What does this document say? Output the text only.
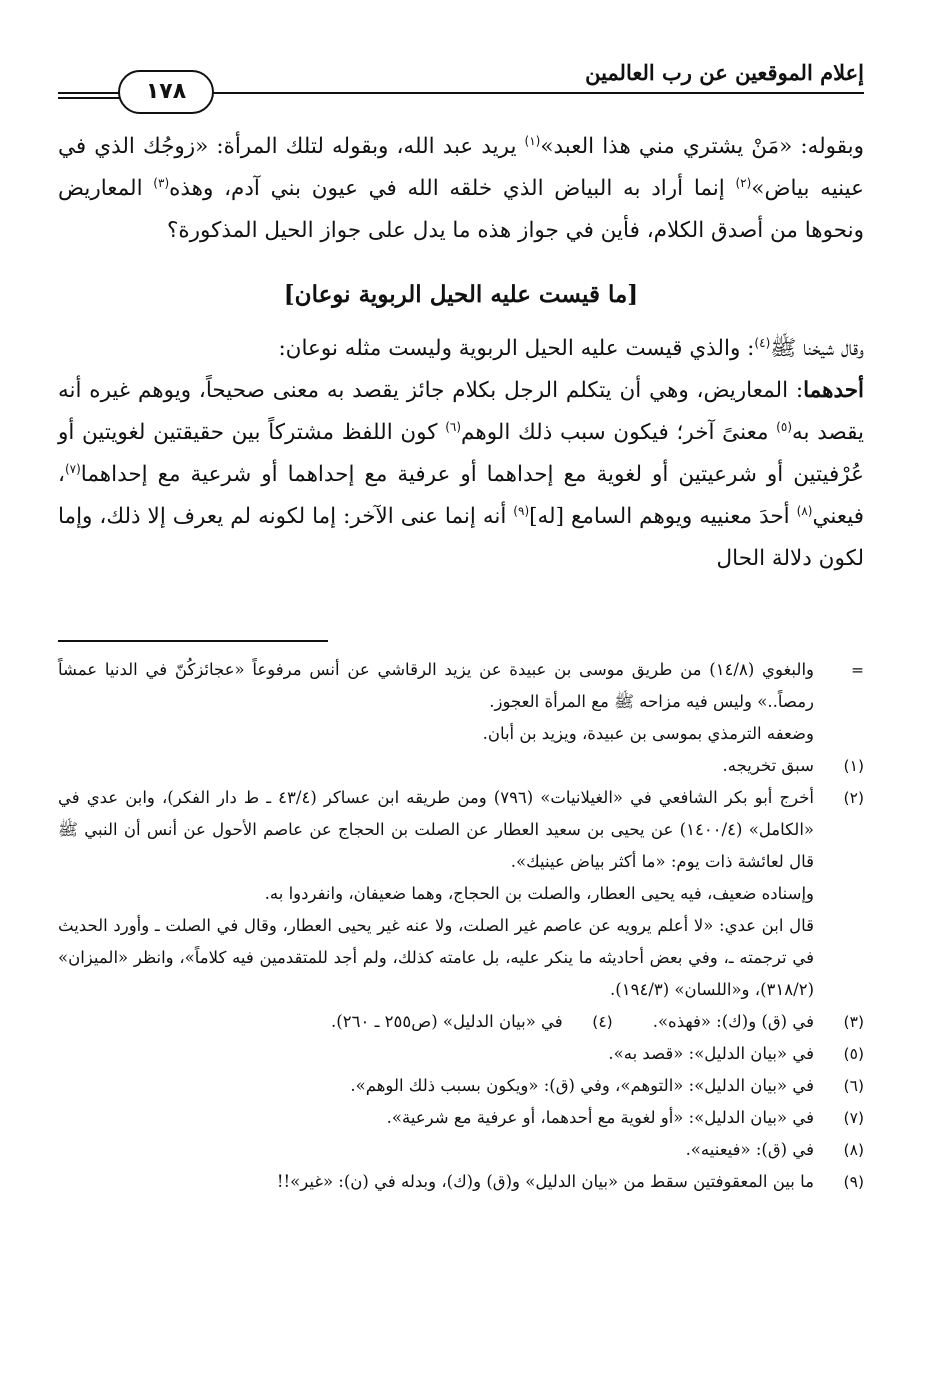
إعلام الموقعين عن رب العالمين
١٧٨

وبقوله: «مَنْ يشتري مني هذا العبد»$^{(١)}$ يريد عبد الله، وبقوله لتلك المرأة: «زوجُك الذي في عينيه بياض»$^{(٢)}$ إنما أراد به البياض الذي خلقه الله في عيون بني آدم، وهذه$^{(٣)}$ المعاريض ونحوها من أصدق الكلام، فأين في جواز هذه ما يدل على جواز الحيل المذكورة؟

[ما قيست عليه الحيل الربوية نوعان]

وقال شيخنا ﷺ$^{(٤)}$: والذي قيست عليه الحيل الربوية وليست مثله نوعان:

أحدهما: المعاريض، وهي أن يتكلم الرجل بكلام جائز يقصد به معنى صحيحاً، ويوهم غيره أنه يقصد به$^{(٥)}$ معنىً آخر؛ فيكون سبب ذلك الوهم$^{(٦)}$ كون اللفظ مشتركاً بين حقيقتين لغويتين أو عُرْفيتين أو شرعيتين أو لغوية مع إحداهما أو عرفية مع إحداهما أو شرعية مع إحداهما$^{(٧)}$، فيعني$^{(٨)}$ أحدَ معنييه ويوهم السامع [له]$^{(٩)}$ أنه إنما عنى الآخر: إما لكونه لم يعرف إلا ذلك، وإما لكون دلالة الحال

=
والبغوي (١٤/٨) من طريق موسى بن عبيدة عن يزيد الرقاشي عن أنس مرفوعاً «عجائزكُنّ في الدنيا عمشاً رمصاً..» وليس فيه مزاحه ﷺ مع المرأة العجوز.
وضعفه الترمذي بموسى بن عبيدة، ويزيد بن أبان.
(١)
سبق تخريجه.
(٢)
أخرج أبو بكر الشافعي في «الغيلانيات» (٧٩٦) ومن طريقه ابن عساكر (٤٣/٤ ـ ط دار الفكر)، وابن عدي في «الكامل» (١٤٠٠/٤) عن يحيى بن سعيد العطار عن الصلت بن الحجاج عن عاصم الأحول عن أنس أن النبي ﷺ قال لعائشة ذات يوم: «ما أكثر بياض عينيك».
وإسناده ضعيف، فيه يحيى العطار، والصلت بن الحجاج، وهما ضعيفان، وانفردوا به.
قال ابن عدي: «لا أعلم يرويه عن عاصم غير الصلت، ولا عنه غير يحيى العطار، وقال في الصلت ـ وأورد الحديث في ترجمته ـ، وفي بعض أحاديثه ما ينكر عليه، بل عامته كذلك، ولم أجد للمتقدمين فيه كلاماً»، وانظر «الميزان» (٣١٨/٢)، و«اللسان» (١٩٤/٣).
(٣)
في (ق) و(ك): «فهذه».
(٤)
في «بيان الدليل» (ص٢٥٥ ـ ٢٦٠).
(٥)
في «بيان الدليل»: «قصد به».
(٦)
في «بيان الدليل»: «التوهم»، وفي (ق): «ويكون بسبب ذلك الوهم».
(٧)
في «بيان الدليل»: «أو لغوية مع أحدهما، أو عرفية مع شرعية».
(٨)
في (ق): «فيعنيه».
(٩)
ما بين المعقوفتين سقط من «بيان الدليل» و(ق) و(ك)، وبدله في (ن): «غير»!!
